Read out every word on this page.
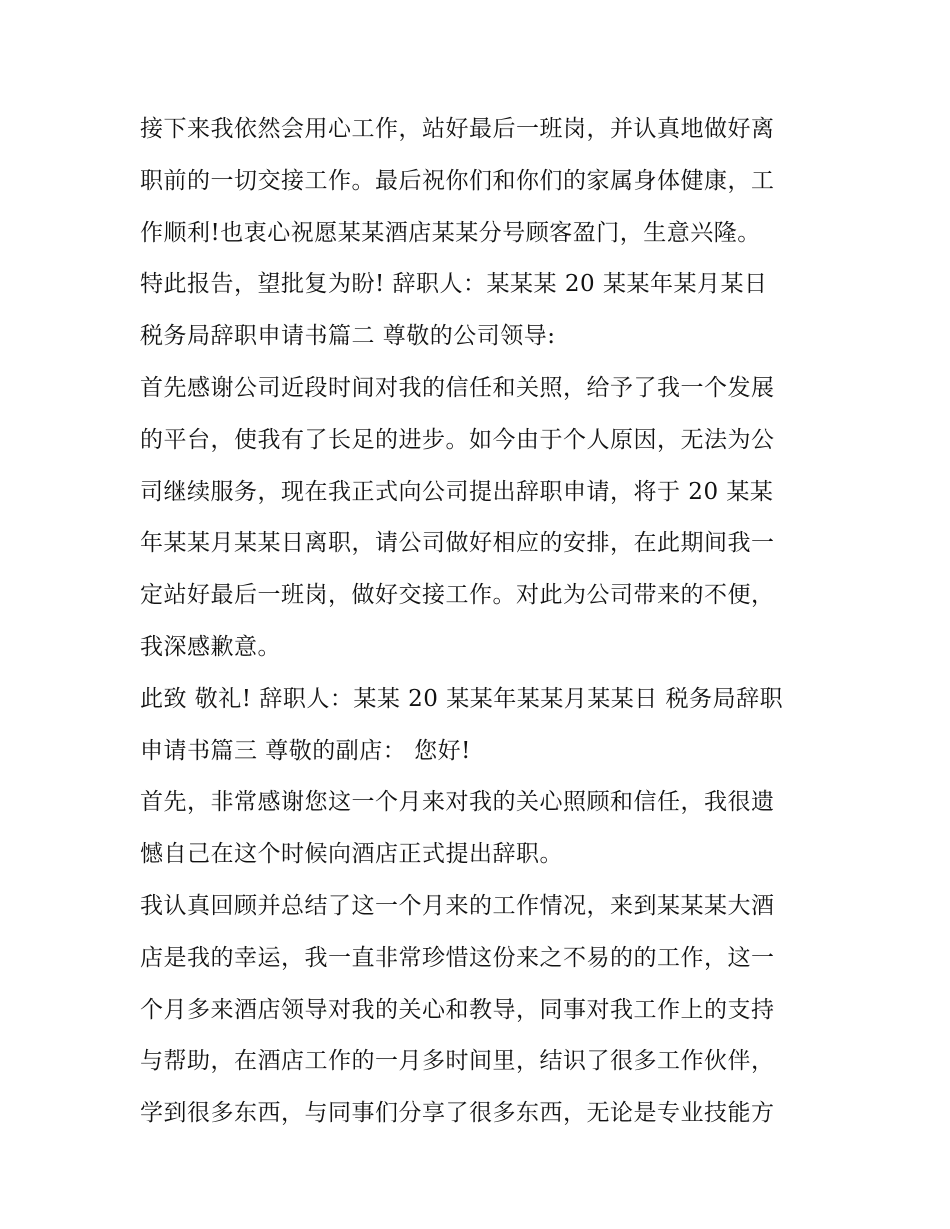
接下来我依然会用心工作，站好最后一班岗，并认真地做好离
职前的一切交接工作。最后祝你们和你们的家属身体健康，工
作顺利!也衷心祝愿某某酒店某某分号顾客盈门，生意兴隆。
特此报告，望批复为盼! 辞职人：某某某 20 某某年某月某日
税务局辞职申请书篇二 尊敬的公司领导:
首先感谢公司近段时间对我的信任和关照，给予了我一个发展
的平台，使我有了长足的进步。如今由于个人原因，无法为公
司继续服务，现在我正式向公司提出辞职申请，将于 20 某某
年某某月某某日离职，请公司做好相应的安排，在此期间我一
定站好最后一班岗，做好交接工作。对此为公司带来的不便，
我深感歉意。
此致 敬礼! 辞职人：某某 20 某某年某某月某某日 税务局辞职
申请书篇三 尊敬的副店： 您好!
首先，非常感谢您这一个月来对我的关心照顾和信任，我很遗
憾自己在这个时候向酒店正式提出辞职。
我认真回顾并总结了这一个月来的工作情况，来到某某某大酒
店是我的幸运，我一直非常珍惜这份来之不易的的工作，这一
个月多来酒店领导对我的关心和教导，同事对我工作上的支持
与帮助，在酒店工作的一月多时间里，结识了很多工作伙伴，
学到很多东西，与同事们分享了很多东西，无论是专业技能方
